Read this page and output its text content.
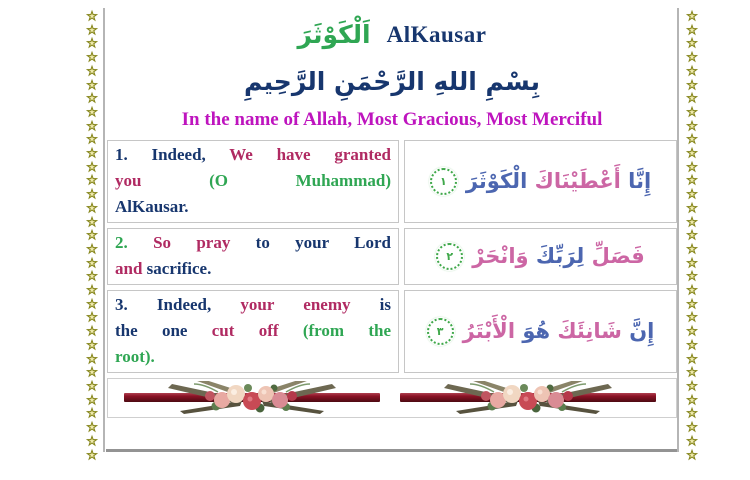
★
★
★
★
★
★
★
★
★
★
★
★
★
★
★
★
★
★
★
★
★
★
★
★
★
★
★
★
★
★
★
★
★
★
★
★
★
★
★
★
★
★
★
★
★
★
★
★
★
★
★
★
★
★
★
★
★
★
★
★
★
★
★
★
★
★
اَلْكَوْثَرَ AlKausar
بِسْمِ اللهِ الرَّحْمَنِ الرَّحِيمِ
In the name of Allah, Most Gracious, Most Merciful
1. Indeed, We have granted
you (O Muhammad)
AlKausar.
إِنَّا أَعْطَيْنَاكَ الْكَوْثَرَ
١
2. So pray to your Lord
and sacrifice.	فَصَلِّ لِرَبِّكَ وَانْحَرْ
٢
3. Indeed, your enemy is
the one cut off (from the
root).
إِنَّ شَانِئَكَ هُوَ الْأَبْتَرُ
٣
